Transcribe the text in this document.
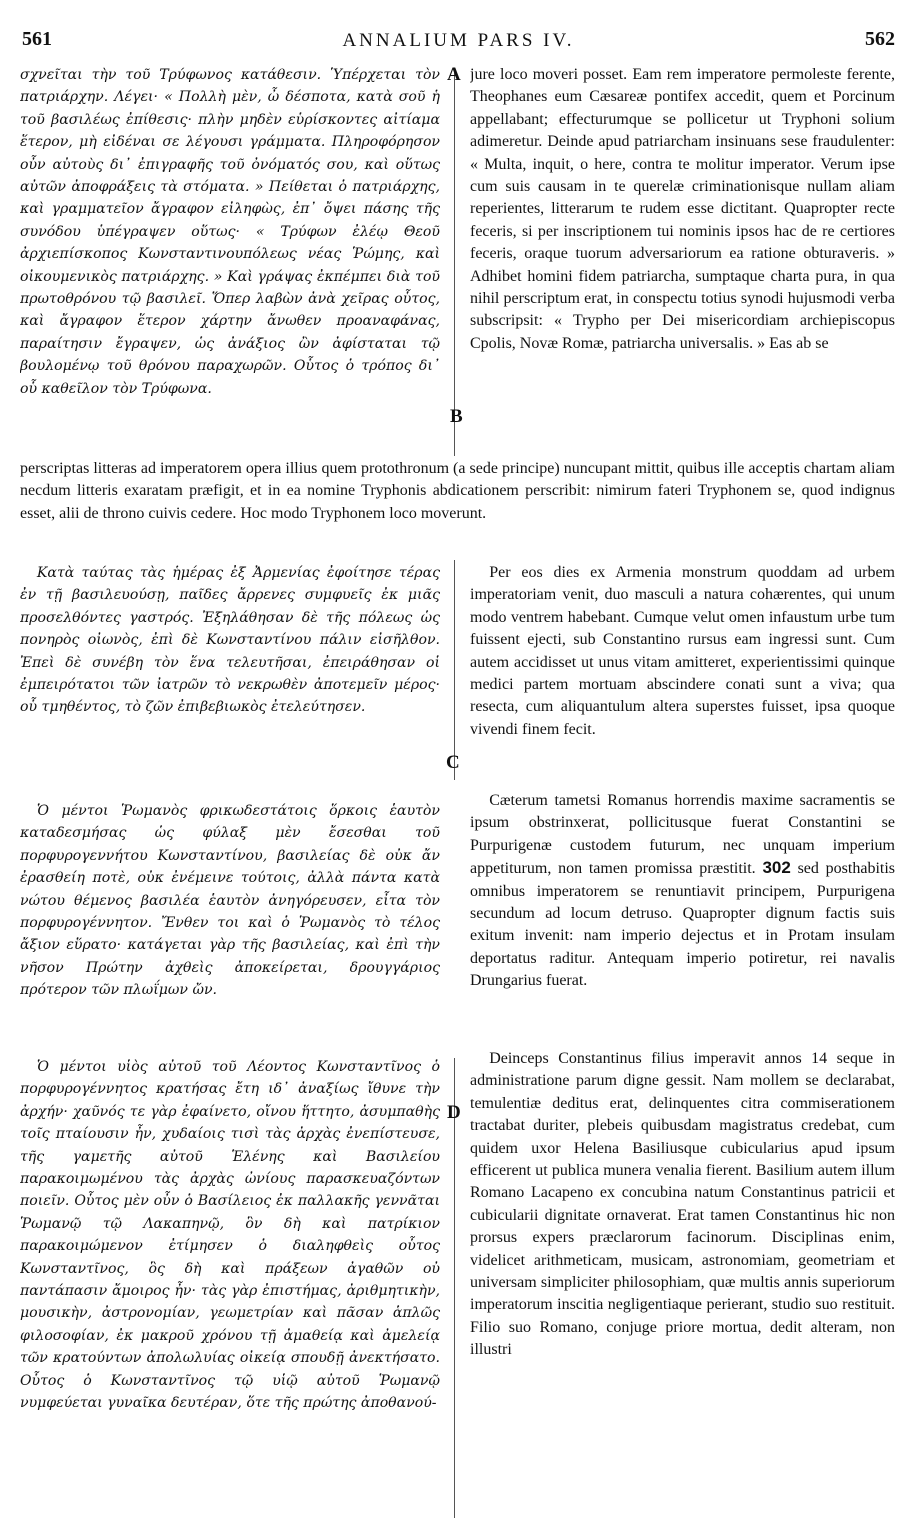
561	ANNALIUM PARS IV.	562

σχνεῖται τὴν τοῦ Τρύφωνος κατάθεσιν. Ὑπέρχεται τὸν πατριάρχην. Λέγει· « Πολλὴ μὲν, ὦ δέσποτα, κατὰ σοῦ ἡ τοῦ βασιλέως ἐπίθεσις· πλὴν μηδὲν εὑρίσκοντες αἰτίαμα ἕτερον, μὴ εἰδέναι σε λέγουσι γράμματα. Πληροφόρησον οὖν αὐτοὺς δι᾽ ἐπιγραφῆς τοῦ ὀνόματός σου, καὶ οὕτως αὐτῶν ἀποφράξεις τὰ στόματα. » Πείθεται ὁ πατριάρχης, καὶ γραμματεῖον ἄγραφον εἰληφὼς, ἐπ᾽ ὄψει πάσης τῆς συνόδου ὑπέγραψεν οὕτως· « Τρύφων ἐλέῳ Θεοῦ ἀρχιεπίσκοπος Κωνσταντινουπόλεως νέας Ῥώμης, καὶ οἰκουμενικὸς πατριάρχης. » Καὶ γράψας ἐκπέμπει διὰ τοῦ πρωτοθρόνου τῷ βασιλεῖ. Ὅπερ λαβὼν ἀνὰ χεῖρας οὗτος, καὶ ἄγραφον ἕτερον χάρτην ἄνωθεν προαναφάνας, παραίτησιν ἔγραψεν, ὡς ἀνάξιος ὢν ἀφίσταται τῷ βουλομένῳ τοῦ θρόνου παραχωρῶν. Οὗτος ὁ τρόπος δι᾽ οὗ καθεῖλον τὸν Τρύφωνα.

A jure loco moveri posset. Eam rem imperatore permoleste ferente, Theophanes eum Cæsareæ pontifex accedit, quem et Porcinum appellabant; effecturumque se pollicetur ut Tryphoni solium adimeretur. Deinde apud patriarcham insinuans sese fraudulenter: « Multa, inquit, o here, contra te molitur imperator. Verum ipse cum suis causam in te querelæ criminationisque nullam aliam reperientes, litterarum te rudem esse dictitant. Quapropter recte feceris, si per inscriptionem tui nominis ipsos hac de re certiores feceris, oraque tuorum adversariorum ea ratione obturaveris. » Adhibet homini fidem patriarcha, sumptaque charta pura, in qua nihil perscriptum erat, in conspectu totius synodi hujusmodi verba subscripsit: « Trypho per Dei misericordiam archiepiscopus Cpolis, Novæ Romæ, patriarcha universalis. » Eas ab se

B
perscriptas litteras ad imperatorem opera illius quem protothronum (a sede principe) nuncupant mittit, quibus ille acceptis chartam aliam necdum litteris exaratam præfigit, et in ea nomine Tryphonis abdicationem perscribit: nimirum fateri Tryphonem se, quod indignus esset, alii de throno cuivis cedere. Hoc modo Tryphonem loco moverunt.

Κατὰ ταύτας τὰς ἡμέρας ἐξ Ἀρμενίας ἐφοίτησε τέρας ἐν τῇ βασιλευούσῃ, παῖδες ἄρρενες συμφυεῖς ἐκ μιᾶς προσελθόντες γαστρός. Ἐξηλάθησαν δὲ τῆς πόλεως ὡς πονηρὸς οἰωνὸς, ἐπὶ δὲ Κωνσταντίνου πάλιν εἰσῆλθον. Ἐπεὶ δὲ συνέβη τὸν ἕνα τελευτῆσαι, ἐπειράθησαν οἱ ἐμπειρότατοι τῶν ἰατρῶν τὸ νεκρωθὲν ἀποτεμεῖν μέρος· οὗ τμηθέντος, τὸ ζῶν ἐπιβεβιωκὸς ἐτελεύτησεν.

Per eos dies ex Armenia monstrum quoddam ad urbem imperatoriam venit, duo masculi a natura cohærentes, qui unum modo ventrem habebant. Cumque velut omen infaustum urbe tum fuissent ejecti, sub Constantino rursus eam ingressi sunt. Cum autem accidisset ut unus vitam amitteret, experientissimi quinque medici partem mortuam abscindere conati sunt a viva; qua resecta, cum aliquantulum altera superstes fuisset, ipsa quoque vivendi finem fecit.

C

Ὁ μέντοι Ῥωμανὸς φρικωδεστάτοις ὅρκοις ἑαυτὸν καταδεσμήσας ὡς φύλαξ μὲν ἔσεσθαι τοῦ πορφυρογεννήτου Κωνσταντίνου, βασιλείας δὲ οὐκ ἄν ἐρασθείη ποτὲ, οὐκ ἐνέμεινε τούτοις, ἀλλὰ πάντα κατὰ νώτου θέμενος βασιλέα ἑαυτὸν ἀνηγόρευσεν, εἶτα τὸν πορφυρογέννητον. Ἔνθεν τοι καὶ ὁ Ῥωμανὸς τὸ τέλος ἄξιον εὕρατο· κατάγεται γὰρ τῆς βασιλείας, καὶ ἐπὶ τὴν νῆσον Πρώτην ἀχθεὶς ἀποκείρεται, δρουγγάριος πρότερον τῶν πλωΐμων ὤν.

Cæterum tametsi Romanus horrendis maxime sacramentis se ipsum obstrinxerat, pollicitusque fuerat Constantini se Purpurigenæ custodem futurum, nec unquam imperium appetiturum, non tamen promissa præstitit. 302 sed posthabitis omnibus imperatorem se renuntiavit principem, Purpurigena secundum ad locum detruso. Quapropter dignum factis suis exitum invenit: nam imperio dejectus et in Protam insulam deportatus raditur. Antequam imperio potiretur, rei navalis Drungarius fuerat.

Ὁ μέντοι υἱὸς αὐτοῦ τοῦ Λέοντος Κωνσταντῖνος ὁ πορφυρογέννητος κρατήσας ἔτη ιδ᾽ ἀναξίως ἴθυνε τὴν ἀρχήν· χαῦνός τε γὰρ ἐφαίνετο, οἴνου ἥττητο, ἀσυμπαθὴς τοῖς πταίουσιν ἦν, χυδαίοις τισὶ τὰς ἀρχὰς ἐνεπίστευσε, τῆς γαμετῆς αὐτοῦ Ἑλένης καὶ Βασιλείου παρακοιμωμένου τὰς ἀρχὰς ὠνίους παρασκευαζόντων ποιεῖν. Οὗτος μὲν οὖν ὁ Βασίλειος ἐκ παλλακῆς γεννᾶται Ῥωμανῷ τῷ Λακαπηνῷ, ὃν δὴ καὶ πατρίκιον παρακοιμώμενον ἐτίμησεν ὁ διαληφθεὶς οὗτος Κωνσταντῖνος, ὃς δὴ καὶ πράξεων ἀγαθῶν οὐ παντάπασιν ἄμοιρος ἦν· τὰς γὰρ ἐπιστήμας, ἀριθμητικὴν, μουσικὴν, ἀστρονομίαν, γεωμετρίαν καὶ πᾶσαν ἁπλῶς φιλοσοφίαν, ἐκ μακροῦ χρόνου τῇ ἀμαθείᾳ καὶ ἀμελείᾳ τῶν κρατούντων ἀπολωλυίας οἰκείᾳ σπουδῇ ἀνεκτήσατο. Οὗτος ὁ Κωνσταντῖνος τῷ υἱῷ αὐτοῦ Ῥωμανῷ νυμφεύεται γυναῖκα δευτέραν, ὅτε τῆς πρώτης ἀποθανού-

D

Deinceps Constantinus filius imperavit annos 14 seque in administratione parum digne gessit. Nam mollem se declarabat, temulentiæ deditus erat, delinquentes citra commiserationem tractabat duriter, plebeis quibusdam magistratus credebat, cum quidem uxor Helena Basiliusque cubicularius apud ipsum efficerent ut publica munera venalia fierent. Basilium autem illum Romano Lacapeno ex concubina natum Constantinus patricii et cubicularii dignitate ornaverat. Erat tamen Constantinus hic non prorsus expers præclarorum facinorum. Disciplinas enim, videlicet arithmeticam, musicam, astronomiam, geometriam et universam simpliciter philosophiam, quæ multis annis superiorum imperatorum inscitia negligentiaque perierant, studio suo restituit. Filio suo Romano, conjuge priore mortua, dedit alteram, non illustri
